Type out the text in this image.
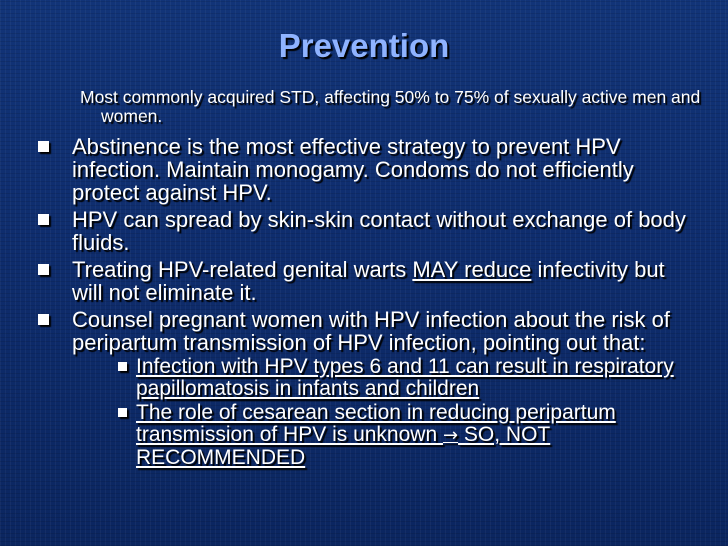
Prevention
Most commonly acquired STD, affecting 50% to 75% of sexually active men and women.
Abstinence is the most effective strategy to prevent HPV infection. Maintain monogamy. Condoms do not efficiently protect against HPV.
HPV can spread by skin-skin contact without exchange of body fluids.
Treating HPV-related genital warts MAY reduce infectivity but will not eliminate it.
Counsel pregnant women with HPV infection about the risk of peripartum transmission of HPV infection, pointing out that:
Infection with HPV types 6 and 11 can result in respiratory papillomatosis in infants and children
The role of cesarean section in reducing peripartum transmission of HPV is unknown → SO, NOT RECOMMENDED
